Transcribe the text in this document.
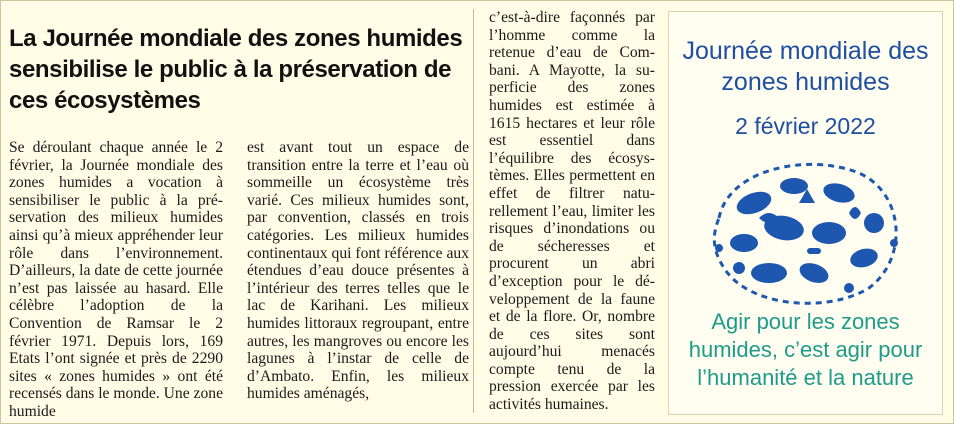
La Journée mondiale des zones humides sensibilise le public à la préservation de ces écosystèmes

Se déroulant chaque année le 2 février, la Journée mondiale des zones humides a vocation à sensibiliser le public à la préservation des milieux humides ainsi qu’à mieux appréhender leur rôle dans l’environnement. D’ailleurs, la date de cette journée n’est pas laissée au hasard. Elle célèbre l’adoption de la Convention de Ramsar le 2 février 1971. Depuis lors, 169 Etats l’ont signée et près de 2290 sites « zones humides » ont été recensés dans le monde. Une zone humide

est avant tout un espace de transition entre la terre et l’eau où sommeille un écosystème très varié. Ces milieux humides sont, par convention, classés en trois catégories. Les milieux humides continentaux qui font référence aux étendues d’eau douce présentes à l’intérieur des terres telles que le lac de Karihani. Les milieux humides littoraux regroupant, entre autres, les mangroves ou encore les lagunes à l’instar de celle de d’Ambato. Enfin, les milieux humides aménagés,

c’est-à-dire façonnés par l’homme comme la retenue d’eau de Combani. A Mayotte, la superficie des zones humides est estimée à 1615 hectares et leur rôle est essentiel dans l’équilibre des écosystèmes. Elles permettent en effet de filtrer naturellement l’eau, limiter les risques d’inondations ou de sécheresses et procurent un abri d’exception pour le développement de la faune et de la flore. Or, nombre de ces sites sont aujourd’hui menacés compte tenu de la pression exercée par les activités humaines.

Journée mondiale des zones humides
2 février 2022
Agir pour les zones humides, c’est agir pour l’humanité et la nature
